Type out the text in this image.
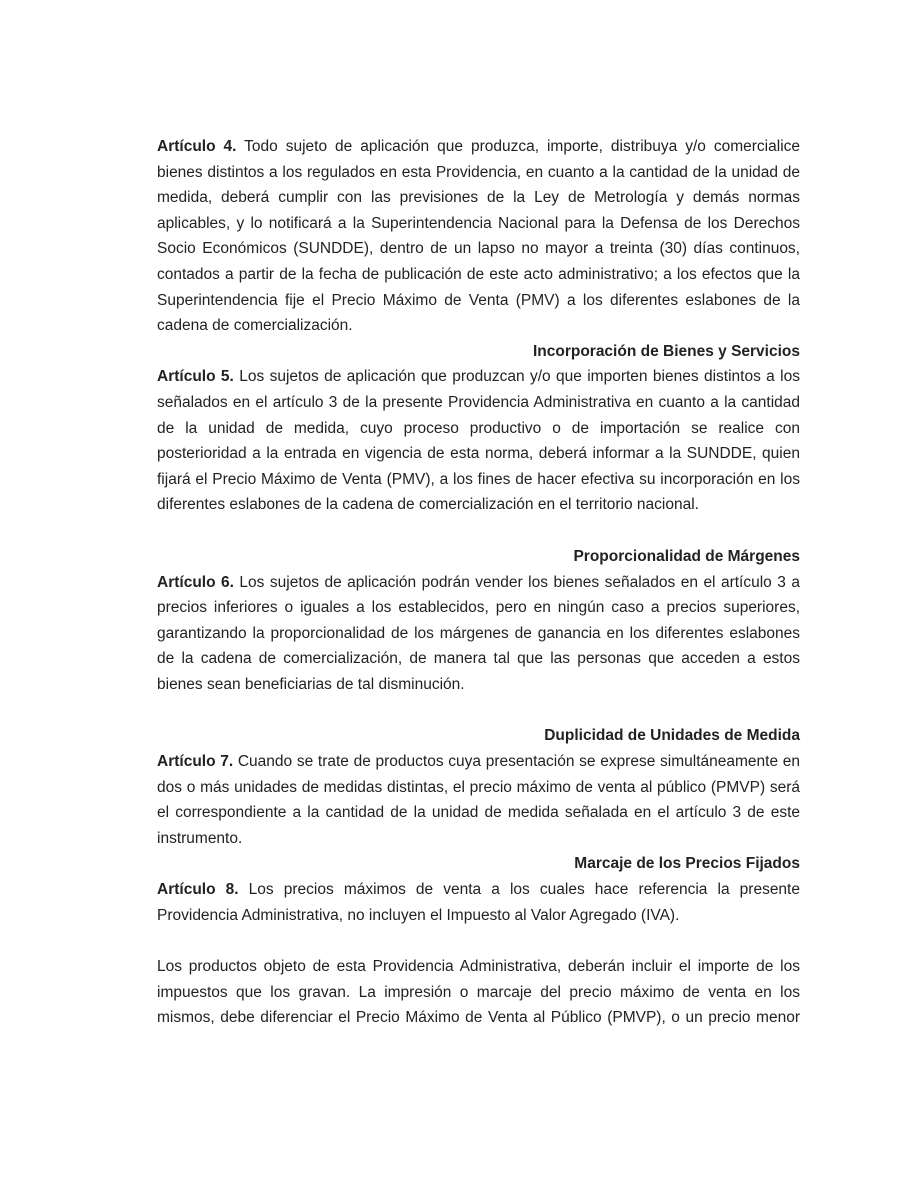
Artículo 4. Todo sujeto de aplicación que produzca, importe, distribuya y/o comercialice bienes distintos a los regulados en esta Providencia, en cuanto a la cantidad de la unidad de medida, deberá cumplir con las previsiones de la Ley de Metrología y demás normas aplicables, y lo notificará a la Superintendencia Nacional para la Defensa de los Derechos Socio Económicos (SUNDDE), dentro de un lapso no mayor a treinta (30) días continuos, contados a partir de la fecha de publicación de este acto administrativo; a los efectos que la Superintendencia fije el Precio Máximo de Venta (PMV) a los diferentes eslabones de la cadena de comercialización.

Incorporación de Bienes y Servicios

Artículo 5. Los sujetos de aplicación que produzcan y/o que importen bienes distintos a los señalados en el artículo 3 de la presente Providencia Administrativa en cuanto a la cantidad de la unidad de medida, cuyo proceso productivo o de importación se realice con posterioridad a la entrada en vigencia de esta norma, deberá informar a la SUNDDE, quien fijará el Precio Máximo de Venta (PMV), a los fines de hacer efectiva su incorporación en los diferentes eslabones de la cadena de comercialización en el territorio nacional.

Proporcionalidad de Márgenes

Artículo 6. Los sujetos de aplicación podrán vender los bienes señalados en el artículo 3 a precios inferiores o iguales a los establecidos, pero en ningún caso a precios superiores, garantizando la proporcionalidad de los márgenes de ganancia en los diferentes eslabones de la cadena de comercialización, de manera tal que las personas que acceden a estos bienes sean beneficiarias de tal disminución.

Duplicidad de Unidades de Medida

Artículo 7. Cuando se trate de productos cuya presentación se exprese simultáneamente en dos o más unidades de medidas distintas, el precio máximo de venta al público (PMVP) será el correspondiente a la cantidad de la unidad de medida señalada en el artículo 3 de este instrumento.

Marcaje de los Precios Fijados

Artículo 8. Los precios máximos de venta a los cuales hace referencia la presente Providencia Administrativa, no incluyen el Impuesto al Valor Agregado (IVA).

Los productos objeto de esta Providencia Administrativa, deberán incluir el importe de los impuestos que los gravan. La impresión o marcaje del precio máximo de venta en los mismos, debe diferenciar el Precio Máximo de Venta al Público (PMVP), o un precio menor
